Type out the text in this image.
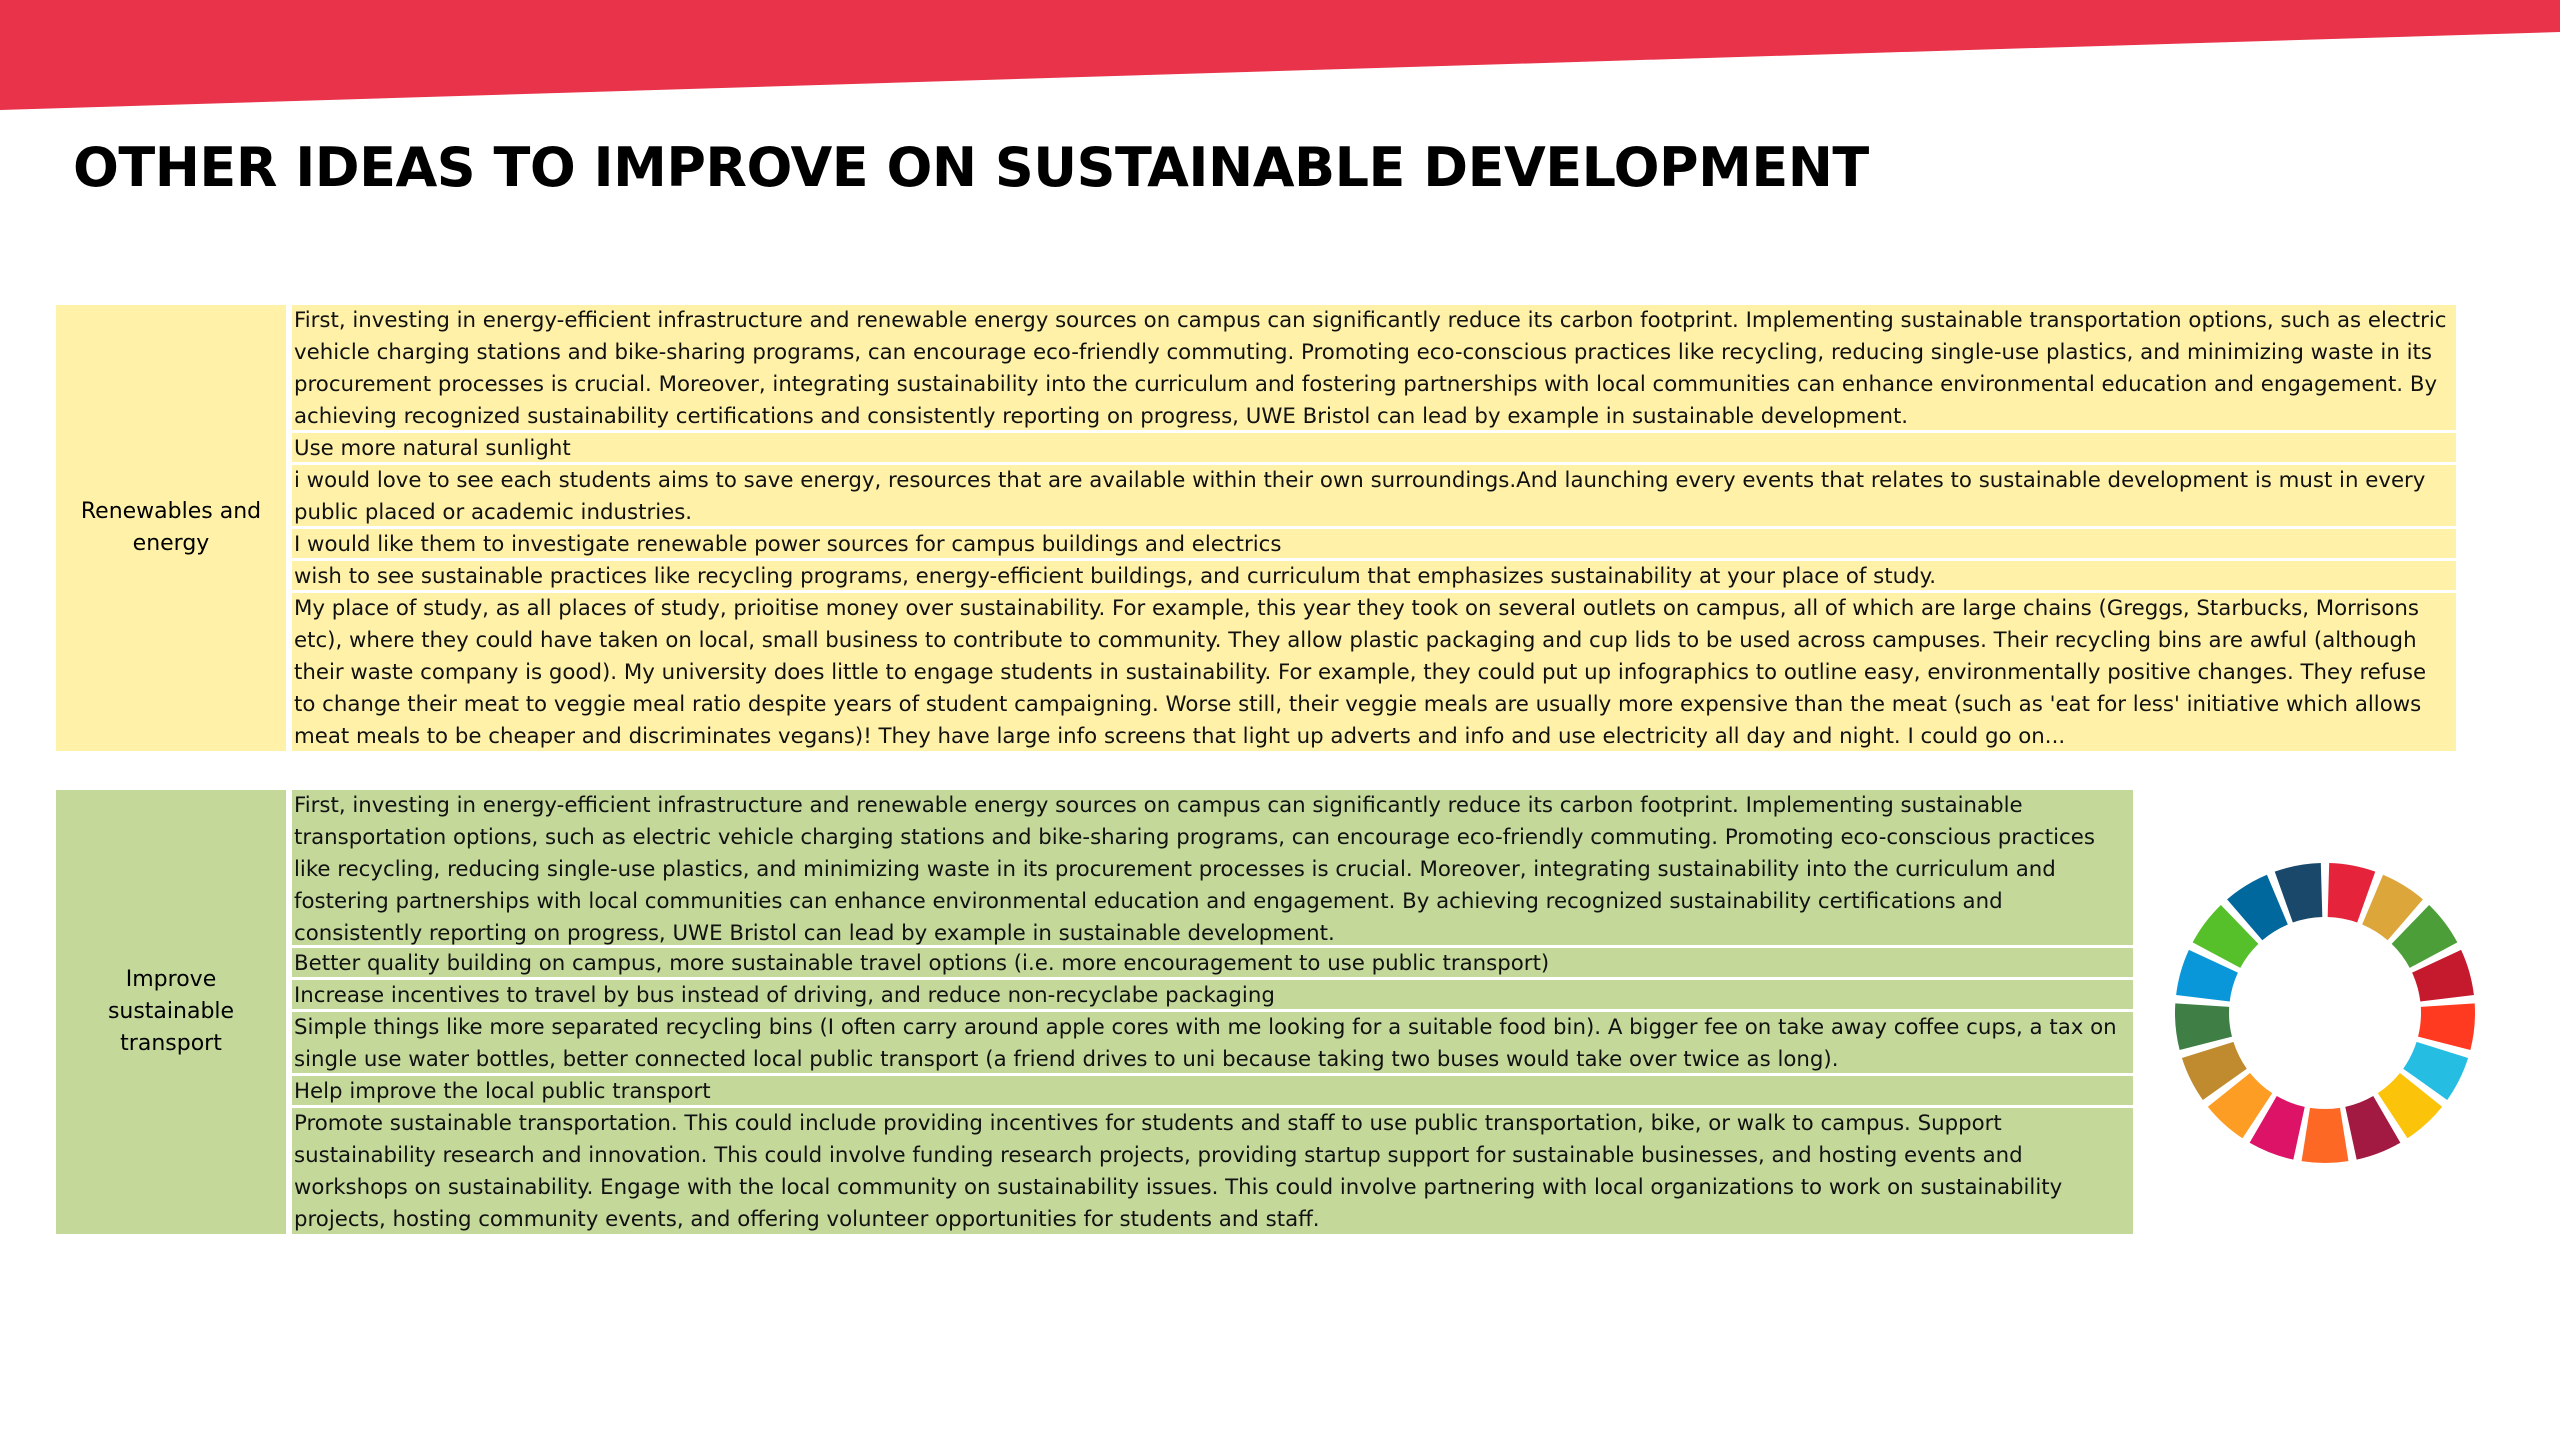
OTHER IDEAS TO IMPROVE ON SUSTAINABLE DEVELOPMENT
Renewables and energy
First, investing in energy-efficient infrastructure and renewable energy sources on campus can significantly reduce its carbon footprint. Implementing sustainable transportation options, such as electric vehicle charging stations and bike-sharing programs, can encourage eco-friendly commuting. Promoting eco-conscious practices like recycling, reducing single-use plastics, and minimizing waste in its procurement processes is crucial. Moreover, integrating sustainability into the curriculum and fostering partnerships with local communities can enhance environmental education and engagement. By achieving recognized sustainability certifications and consistently reporting on progress, UWE Bristol can lead by example in sustainable development.
Use more natural sunlight
i would love to see each students aims to save energy, resources that are available within their own surroundings.And launching every events that relates to sustainable development is must in every public placed or academic industries.
I would like them to investigate renewable power sources for campus buildings and electrics
wish to see sustainable practices like recycling programs, energy-efficient buildings, and curriculum that emphasizes sustainability at your place of study.
My place of study, as all places of study, prioitise money over sustainability. For example, this year they took on several outlets on campus, all of which are large chains (Greggs, Starbucks, Morrisons etc), where they could have taken on local, small business to contribute to community. They allow plastic packaging and cup lids to be used across campuses. Their recycling bins are awful (although their waste company is good). My university does little to engage students in sustainability. For example, they could put up infographics to outline easy, environmentally positive changes. They refuse to change their meat to veggie meal ratio despite years of student campaigning. Worse still, their veggie meals are usually more expensive than the meat (such as 'eat for less' initiative which allows meat meals to be cheaper and discriminates vegans)! They have large info screens that light up adverts and info and use electricity all day and night. I could go on...
Improve sustainable transport
First, investing in energy-efficient infrastructure and renewable energy sources on campus can significantly reduce its carbon footprint. Implementing sustainable transportation options, such as electric vehicle charging stations and bike-sharing programs, can encourage eco-friendly commuting. Promoting eco-conscious practices like recycling, reducing single-use plastics, and minimizing waste in its procurement processes is crucial. Moreover, integrating sustainability into the curriculum and fostering partnerships with local communities can enhance environmental education and engagement. By achieving recognized sustainability certifications and consistently reporting on progress, UWE Bristol can lead by example in sustainable development.
Better quality building on campus, more sustainable travel options (i.e. more encouragement to use public transport)
Increase incentives to travel by bus instead of driving, and reduce non-recyclabe packaging
Simple things like more separated recycling bins (I often carry around apple cores with me looking for a suitable food bin). A bigger fee on take away coffee cups, a tax on single use water bottles, better connected local public transport (a friend drives to uni because taking two buses would take over twice as long).
Help improve the local public transport
Promote sustainable transportation. This could include providing incentives for students and staff to use public transportation, bike, or walk to campus. Support sustainability research and innovation. This could involve funding research projects, providing startup support for sustainable businesses, and hosting events and workshops on sustainability. Engage with the local community on sustainability issues. This could involve partnering with local organizations to work on sustainability projects, hosting community events, and offering volunteer opportunities for students and staff.
